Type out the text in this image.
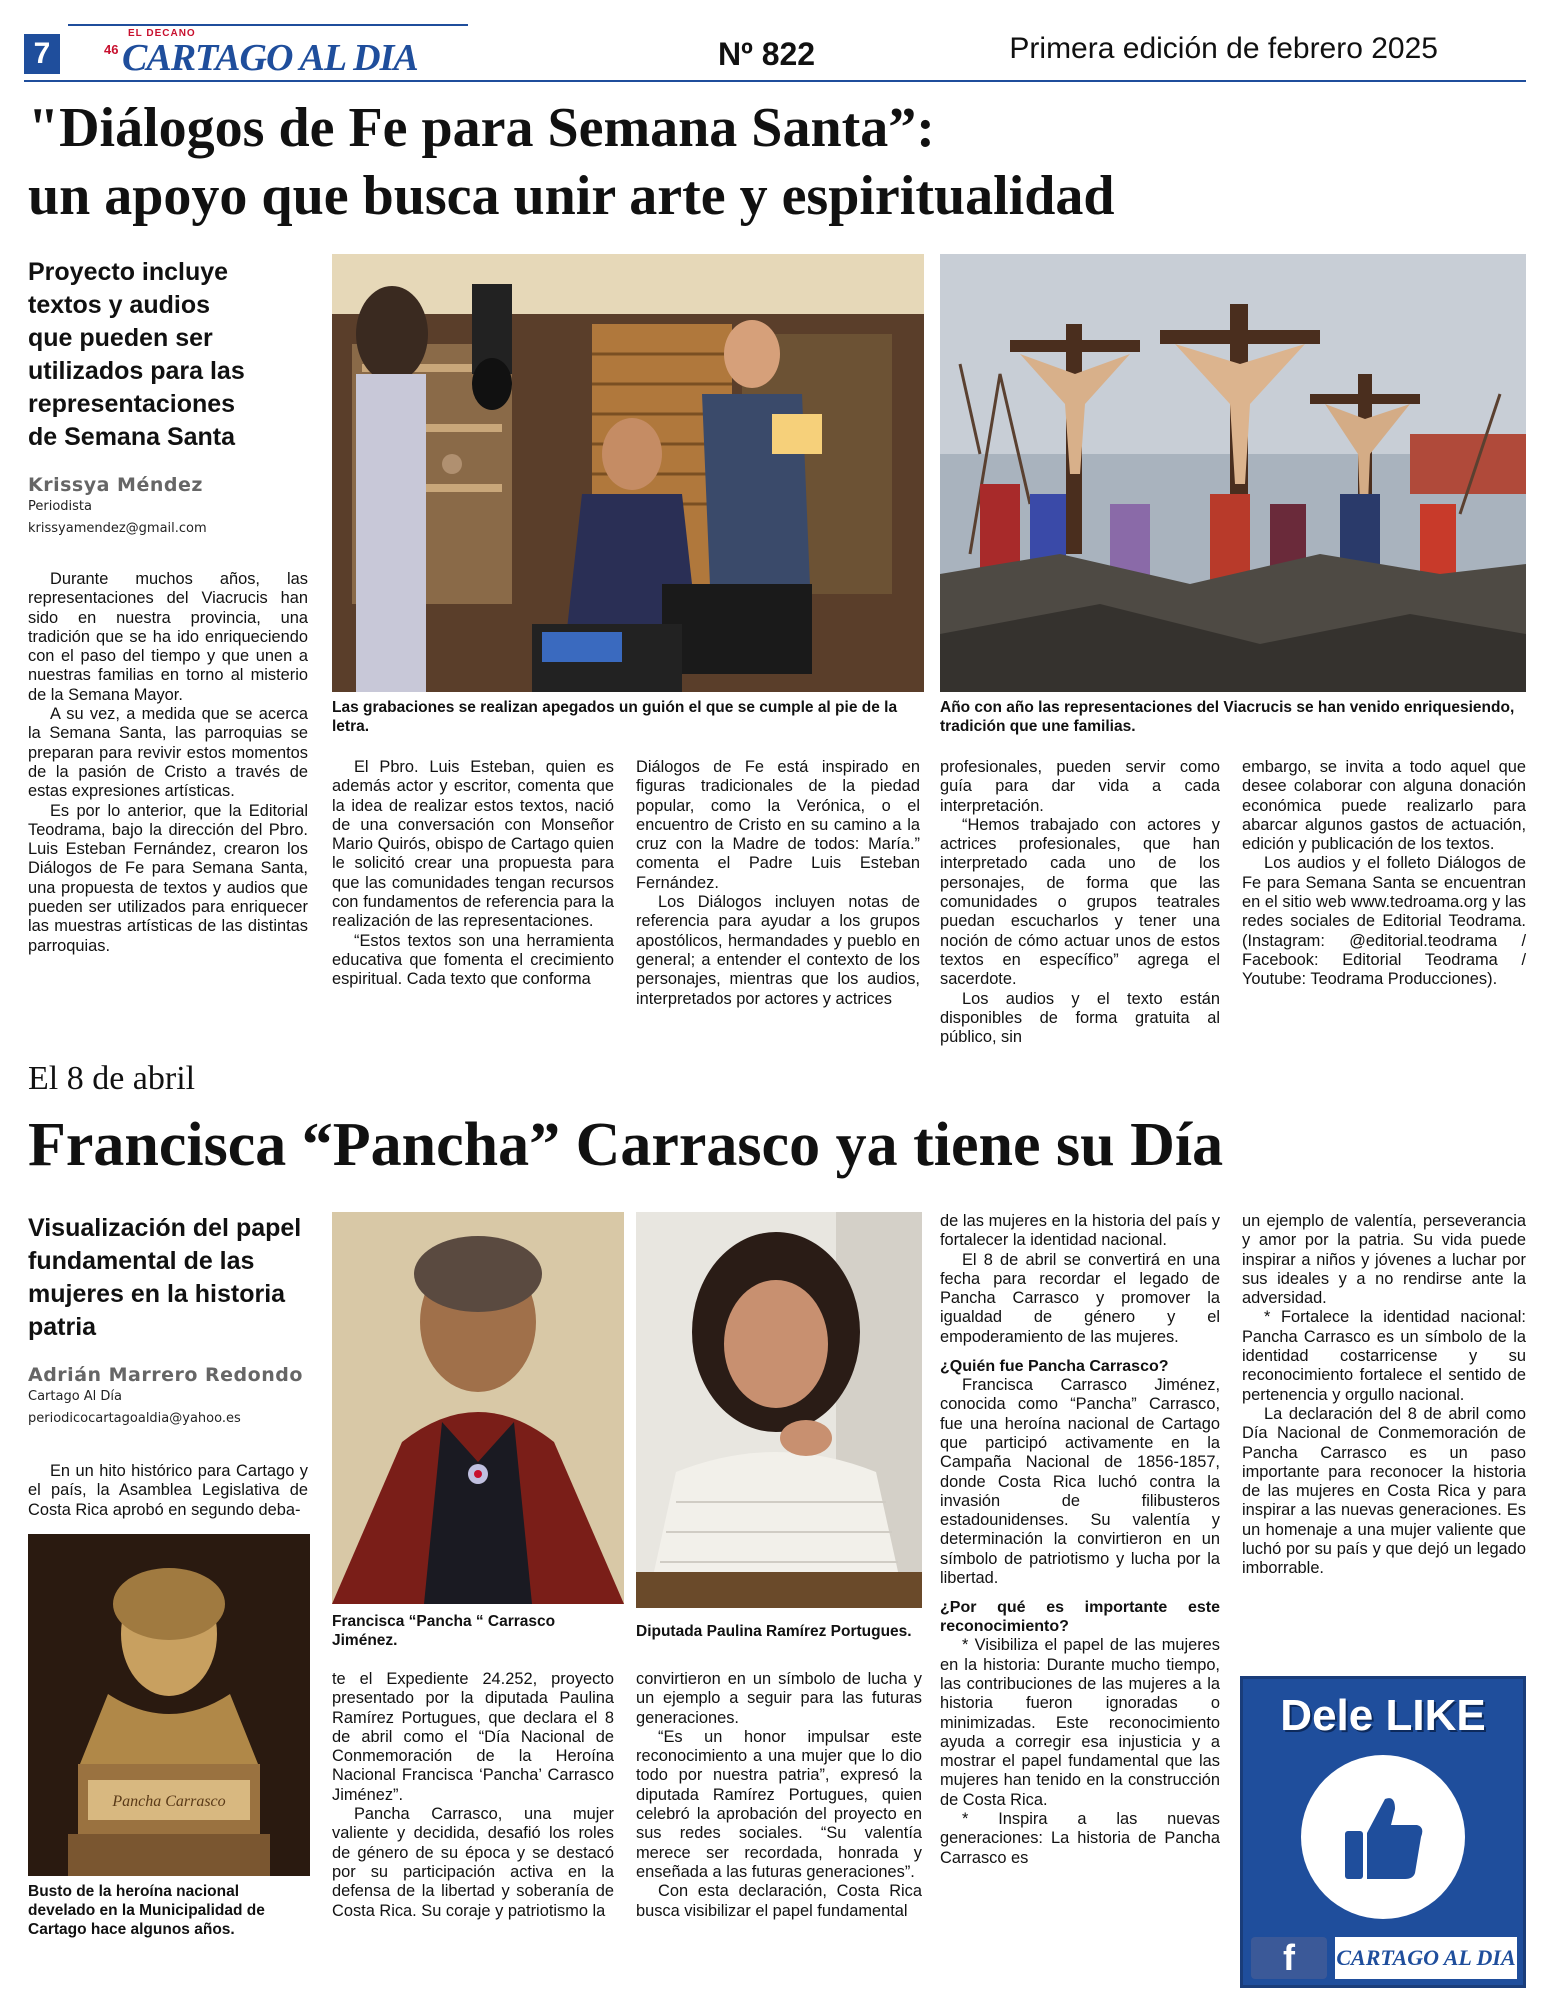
7
EL DECANO
46 CARTAGO AL DIA	Nº 822	Primera edición de febrero 2025
"Diálogos de Fe para Semana Santa”:
un apoyo que busca unir arte y espiritualidad
Proyecto incluye textos y audios que pueden ser utilizados para las representaciones de Semana Santa
Krissya Méndez
Periodista
krissyamendez@gmail.com

Durante muchos años, las representaciones del Viacrucis han sido en nuestra provincia, una tradición que se ha ido enriqueciendo con el paso del tiempo y que unen a nuestras familias en torno al misterio de la Semana Mayor.

A su vez, a medida que se acerca la Semana Santa, las parroquias se preparan para revivir estos momentos de la pasión de Cristo a través de estas expresiones artísticas.

Es por lo anterior, que la Editorial Teodrama, bajo la dirección del Pbro. Luis Esteban Fernández, crearon los Diálogos de Fe para Semana Santa, una propuesta de textos y audios que pueden ser utilizados para enriquecer las muestras artísticas de las distintas parroquias.

Las grabaciones se realizan apegados un guión el que se cumple al pie de la letra.
Año con año las representaciones del Viacrucis se han venido enriquesiendo, tradición que une familias.

El Pbro. Luis Esteban, quien es además actor y escritor, comenta que la idea de realizar estos textos, nació de una conversación con Monseñor Mario Quirós, obispo de Cartago quien le solicitó crear una propuesta para que las comunidades tengan recursos con fundamentos de referencia para la realización de las representaciones.

“Estos textos son una herramienta educativa que fomenta el crecimiento espiritual. Cada texto que conforma

Diálogos de Fe está inspirado en figuras tradicionales de la piedad popular, como la Verónica, o el encuentro de Cristo en su camino a la cruz con la Madre de todos: María.” comenta el Padre Luis Esteban Fernández.

Los Diálogos incluyen notas de referencia para ayudar a los grupos apostólicos, hermandades y pueblo en general; a entender el contexto de los personajes, mientras que los audios, interpretados por actores y actrices

profesionales, pueden servir como guía para dar vida a cada interpretación.

“Hemos trabajado con actores y actrices profesionales, que han interpretado cada uno de los personajes, de forma que las comunidades o grupos teatrales puedan escucharlos y tener una noción de cómo actuar unos de estos textos en específico” agrega el sacerdote.

Los audios y el texto están disponibles de forma gratuita al público, sin

embargo, se invita a todo aquel que desee colaborar con alguna donación económica puede realizarlo para abarcar algunos gastos de actuación, edición y publicación de los textos.

Los audios y el folleto Diálogos de Fe para Semana Santa se encuentran en el sitio web www.tedroama.org y las redes sociales de Editorial Teodrama. (Instagram: @editorial.teodrama / Facebook: Editorial Teodrama / Youtube: Teodrama Producciones).

El 8 de abril
Francisca “Pancha” Carrasco ya tiene su Día
Visualización del papel fundamental de las mujeres en la historia patria
Adrián Marrero Redondo
Cartago Al Día
periodicocartagoaldia@yahoo.es

En un hito histórico para Cartago y el país, la Asamblea Legislativa de Costa Rica aprobó en segundo deba-

Pancha Carrasco
Busto de la heroína nacional develado en la Municipalidad de Cartago hace algunos años.
Francisca “Pancha “ Carrasco Jiménez.
Diputada Paulina Ramírez Portugues.

te el Expediente 24.252, proyecto presentado por la diputada Paulina Ramírez Portugues, que declara el 8 de abril como el “Día Nacional de Conmemoración de la Heroína Nacional Francisca ‘Pancha’ Carrasco Jiménez”.

Pancha Carrasco, una mujer valiente y decidida, desafió los roles de género de su época y se destacó por su participación activa en la defensa de la libertad y soberanía de Costa Rica. Su coraje y patriotismo la

convirtieron en un símbolo de lucha y un ejemplo a seguir para las futuras generaciones.

“Es un honor impulsar este reconocimiento a una mujer que lo dio todo por nuestra patria”, expresó la diputada Ramírez Portugues, quien celebró la aprobación del proyecto en sus redes sociales. “Su valentía merece ser recordada, honrada y enseñada a las futuras generaciones”.

Con esta declaración, Costa Rica busca visibilizar el papel fundamental

de las mujeres en la historia del país y fortalecer la identidad nacional.

El 8 de abril se convertirá en una fecha para recordar el legado de Pancha Carrasco y promover la igualdad de género y el empoderamiento de las mujeres.

¿Quién fue Pancha Carrasco?

Francisca Carrasco Jiménez, conocida como “Pancha” Carrasco, fue una heroína nacional de Cartago que participó activamente en la Campaña Nacional de 1856-1857, donde Costa Rica luchó contra la invasión de filibusteros estadounidenses. Su valentía y determinación la convirtieron en un símbolo de patriotismo y lucha por la libertad.

¿Por qué es importante este reconocimiento?

* Visibiliza el papel de las mujeres en la historia: Durante mucho tiempo, las contribuciones de las mujeres a la historia fueron ignoradas o minimizadas. Este reconocimiento ayuda a corregir esa injusticia y a mostrar el papel fundamental que las mujeres han tenido en la construcción de Costa Rica.

* Inspira a las nuevas generaciones: La historia de Pancha Carrasco es

un ejemplo de valentía, perseverancia y amor por la patria. Su vida puede inspirar a niños y jóvenes a luchar por sus ideales y a no rendirse ante la adversidad.

* Fortalece la identidad nacional: Pancha Carrasco es un símbolo de la identidad costarricense y su reconocimiento fortalece el sentido de pertenencia y orgullo nacional.

La declaración del 8 de abril como Día Nacional de Conmemoración de Pancha Carrasco es un paso importante para reconocer la historia de las mujeres en Costa Rica y para inspirar a las nuevas generaciones. Es un homenaje a una mujer valiente que luchó por su país y que dejó un legado imborrable.

Dele LIKE
f	CARTAGO AL DIA
